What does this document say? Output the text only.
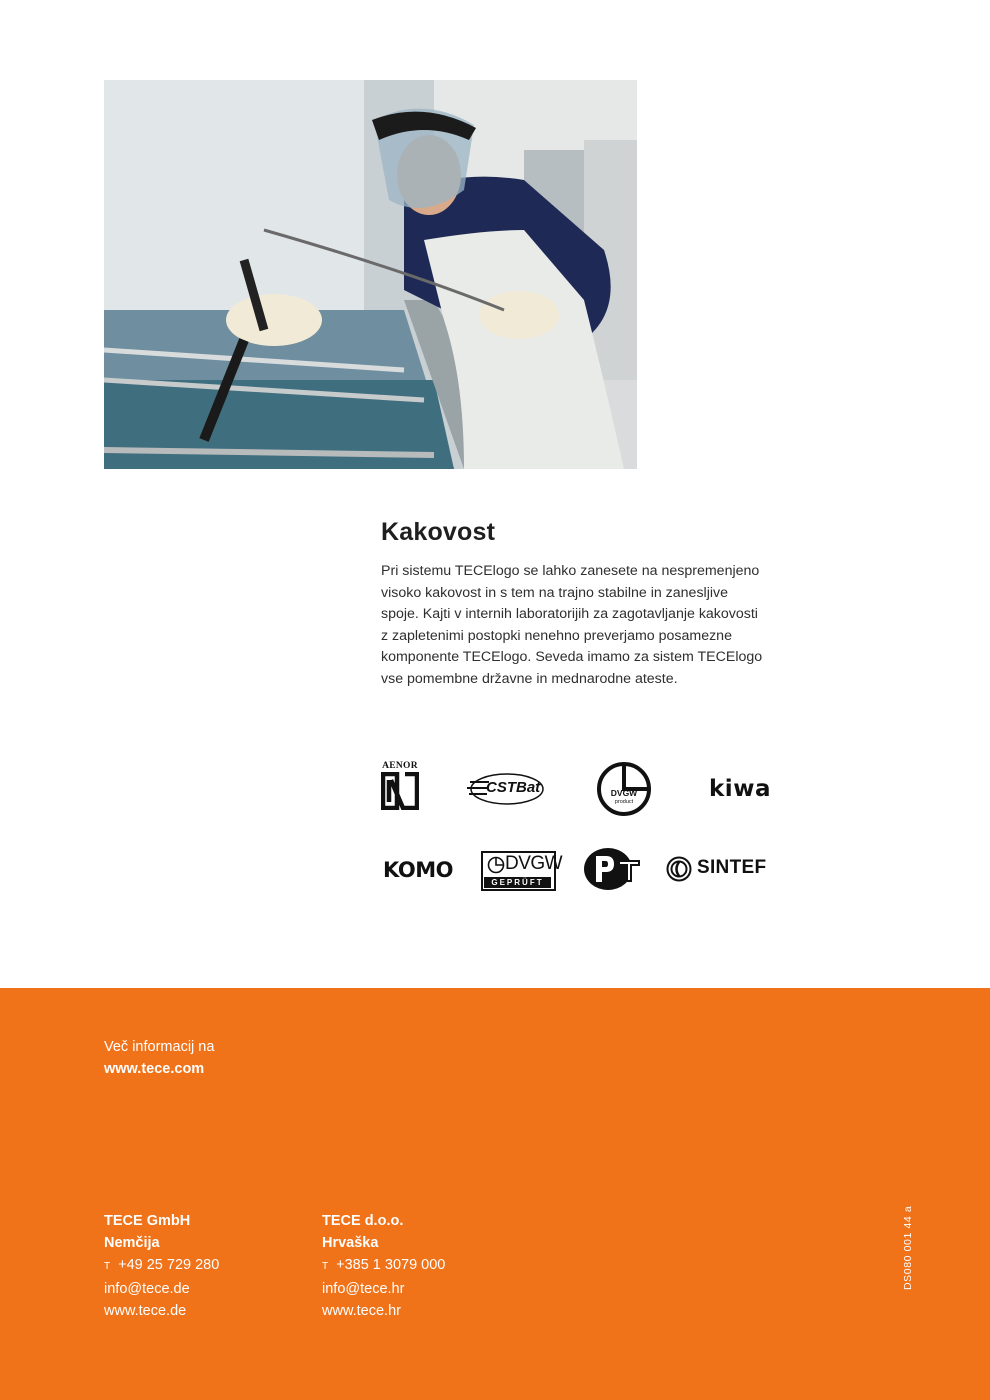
Kakovost
Pri sistemu TECElogo se lahko zanesete na nespremenjeno
visoko kakovost in s tem na trajno stabilne in zanesljive
spoje. Kajti v internih laboratorijih za zagotavljanje kakovosti
z zapletenimi postopki nenehno preverjamo posamezne
komponente TECElogo. Seveda imamo za sistem TECElogo
vse pomembne državne in mednarodne ateste.
AENOR
CSTBat	DVGW
product	kiwa
KOMO	DVGW
GEPRÜFT
SINTEF
Več informacij na
www.tece.com
TECE GmbH
Nemčija
T +49 25 729 280
info@tece.de
www.tece.de
TECE d.o.o.
Hrvaška
T +385 1 3079 000
info@tece.hr
www.tece.hr
DS080 001 44 a
